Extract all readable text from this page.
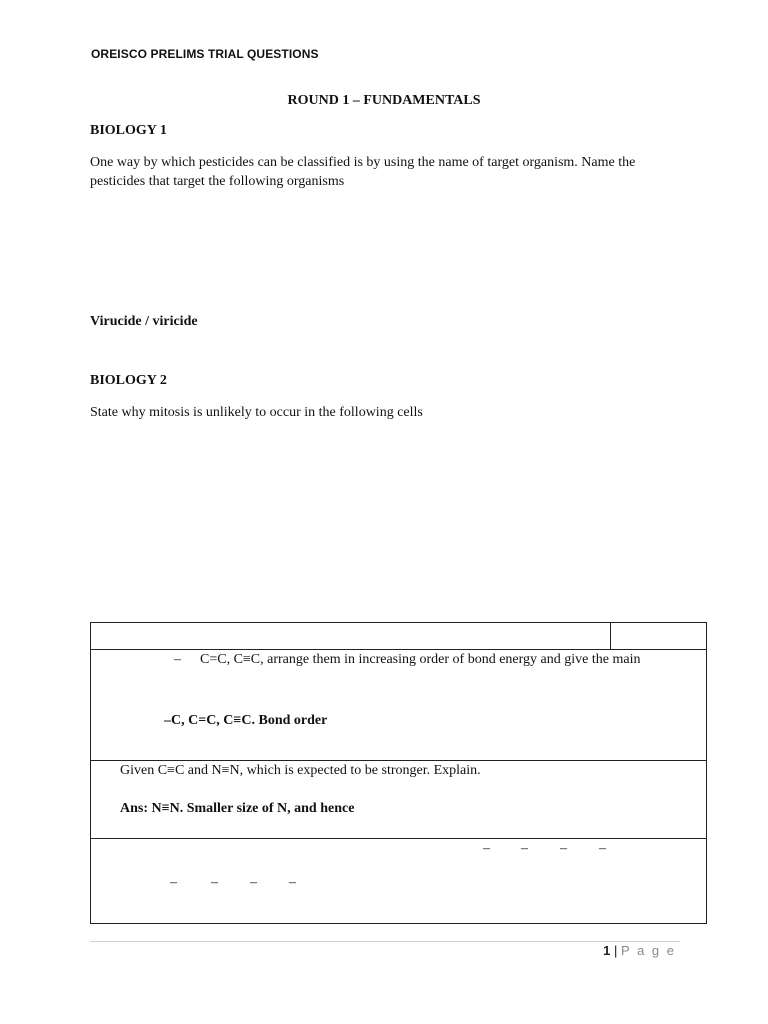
OREISCO PRELIMS TRIAL QUESTIONS
ROUND 1 – FUNDAMENTALS
BIOLOGY 1
One way by which pesticides can be classified is by using the name of target organism. Name the pesticides that target the following organisms
Virucide / viricide
BIOLOGY 2
State why mitosis is unlikely to occur in the following cells

– C=C, C≡C, arrange them in increasing order of bond energy and give the main
–C, C=C, C≡C. Bond order

Given C≡C and N≡N, which is expected to be stronger. Explain.
Ans: N≡N. Smaller size of N, and hence

– – – –
– – – –
1 | P a g e
